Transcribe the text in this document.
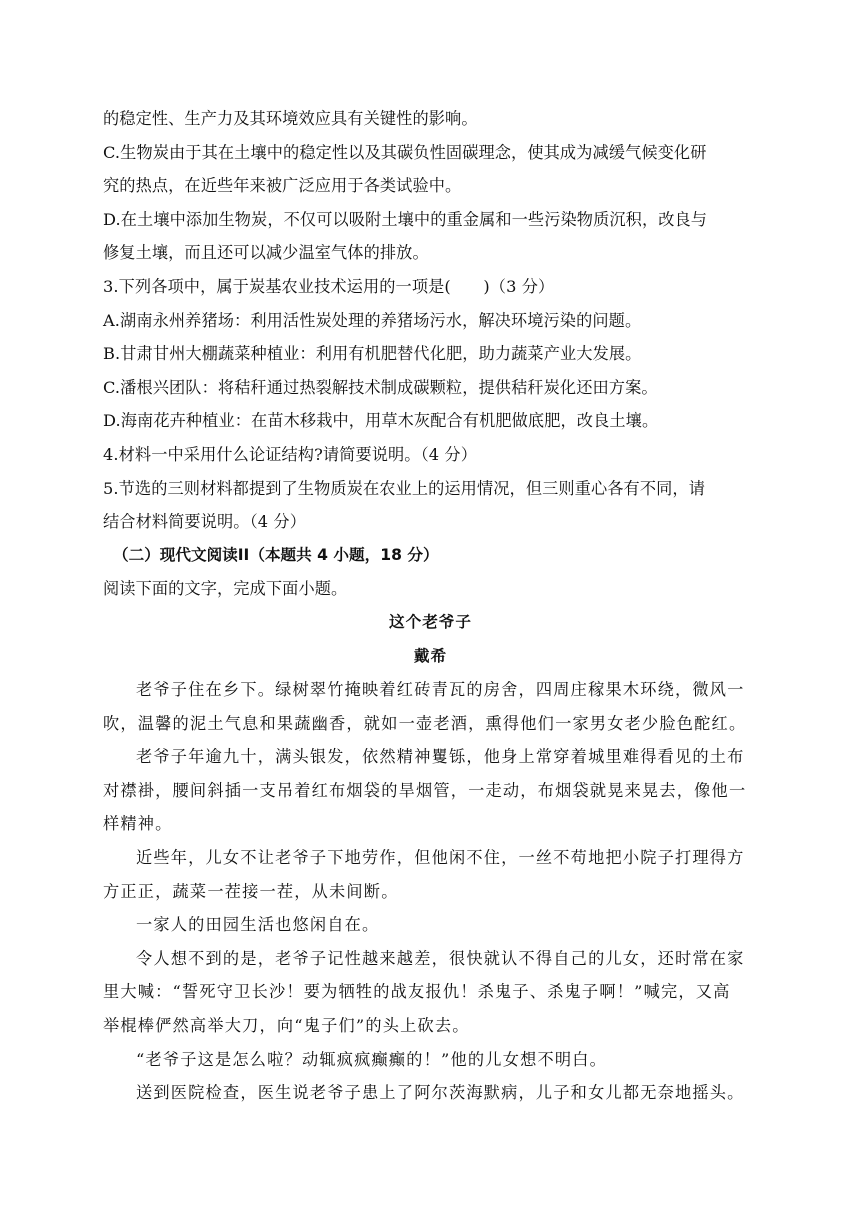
的稳定性、生产力及其环境效应具有关键性的影响。
C.生物炭由于其在土壤中的稳定性以及其碳负性固碳理念，使其成为减缓气候变化研
究的热点，在近些年来被广泛应用于各类试验中。
D.在土壤中添加生物炭，不仅可以吸附土壤中的重金属和一些污染物质沉积，改良与
修复土壤，而且还可以减少温室气体的排放。
3.下列各项中，属于炭基农业技术运用的一项是(　　)（3 分）
A.湖南永州养猪场：利用活性炭处理的养猪场污水，解决环境污染的问题。
B.甘肃甘州大棚蔬菜种植业：利用有机肥替代化肥，助力蔬菜产业大发展。
C.潘根兴团队：将秸秆通过热裂解技术制成碳颗粒，提供秸秆炭化还田方案。
D.海南花卉种植业：在苗木移栽中，用草木灰配合有机肥做底肥，改良土壤。
4.材料一中采用什么论证结构?请简要说明。（4 分）
5.节选的三则材料都提到了生物质炭在农业上的运用情况，但三则重心各有不同，请
结合材料简要说明。（4 分）
（二）现代文阅读II（本题共 4 小题，18 分）
阅读下面的文字，完成下面小题。
这个老爷子
戴希
老爷子住在乡下。绿树翠竹掩映着红砖青瓦的房舍，四周庄稼果木环绕，微风一
吹，温馨的泥土气息和果蔬幽香，就如一壶老酒，熏得他们一家男女老少脸色酡红。
老爷子年逾九十，满头银发，依然精神矍铄，他身上常穿着城里难得看见的土布
对襟褂，腰间斜插一支吊着红布烟袋的旱烟管，一走动，布烟袋就晃来晃去，像他一
样精神。
近些年，儿女不让老爷子下地劳作，但他闲不住，一丝不苟地把小院子打理得方
方正正，蔬菜一茬接一茬，从未间断。
一家人的田园生活也悠闲自在。
令人想不到的是，老爷子记性越来越差，很快就认不得自己的儿女，还时常在家
里大喊：“誓死守卫长沙！要为牺牲的战友报仇！杀鬼子、杀鬼子啊！”喊完，又高
举棍棒俨然高举大刀，向“鬼子们”的头上砍去。
“老爷子这是怎么啦？动辄疯疯癫癫的！”他的儿女想不明白。
送到医院检查，医生说老爷子患上了阿尔茨海默病，儿子和女儿都无奈地摇头。
